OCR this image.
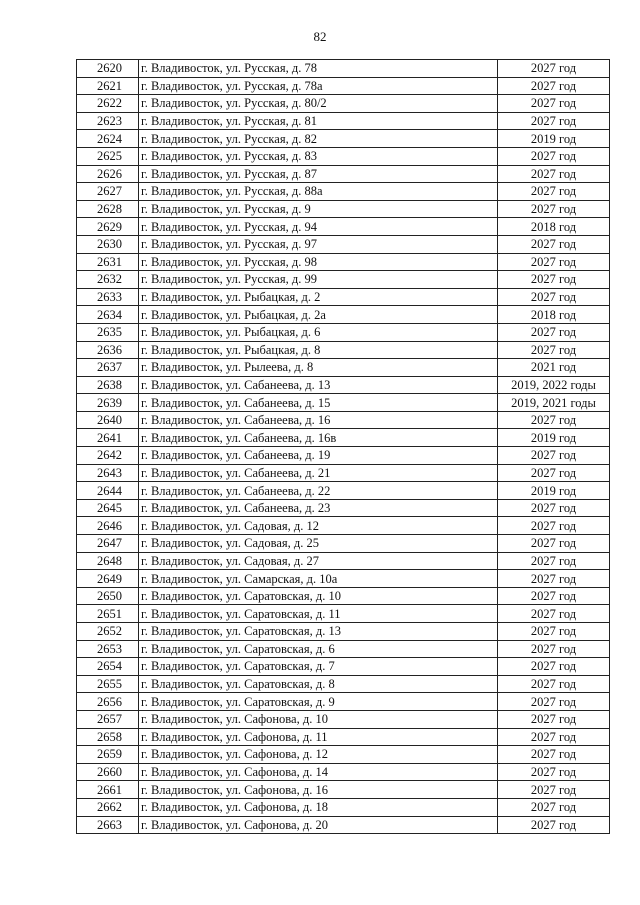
82
2620	г. Владивосток, ул. Русская, д. 78	2027 год
2621	г. Владивосток, ул. Русская, д. 78а	2027 год
2622	г. Владивосток, ул. Русская, д. 80/2	2027 год
2623	г. Владивосток, ул. Русская, д. 81	2027 год
2624	г. Владивосток, ул. Русская, д. 82	2019 год
2625	г. Владивосток, ул. Русская, д. 83	2027 год
2626	г. Владивосток, ул. Русская, д. 87	2027 год
2627	г. Владивосток, ул. Русская, д. 88а	2027 год
2628	г. Владивосток, ул. Русская, д. 9	2027 год
2629	г. Владивосток, ул. Русская, д. 94	2018 год
2630	г. Владивосток, ул. Русская, д. 97	2027 год
2631	г. Владивосток, ул. Русская, д. 98	2027 год
2632	г. Владивосток, ул. Русская, д. 99	2027 год
2633	г. Владивосток, ул. Рыбацкая, д. 2	2027 год
2634	г. Владивосток, ул. Рыбацкая, д. 2а	2018 год
2635	г. Владивосток, ул. Рыбацкая, д. 6	2027 год
2636	г. Владивосток, ул. Рыбацкая, д. 8	2027 год
2637	г. Владивосток, ул. Рылеева, д. 8	2021 год
2638	г. Владивосток, ул. Сабанеева, д. 13	2019, 2022 годы
2639	г. Владивосток, ул. Сабанеева, д. 15	2019, 2021 годы
2640	г. Владивосток, ул. Сабанеева, д. 16	2027 год
2641	г. Владивосток, ул. Сабанеева, д. 16в	2019 год
2642	г. Владивосток, ул. Сабанеева, д. 19	2027 год
2643	г. Владивосток, ул. Сабанеева, д. 21	2027 год
2644	г. Владивосток, ул. Сабанеева, д. 22	2019 год
2645	г. Владивосток, ул. Сабанеева, д. 23	2027 год
2646	г. Владивосток, ул. Садовая, д. 12	2027 год
2647	г. Владивосток, ул. Садовая, д. 25	2027 год
2648	г. Владивосток, ул. Садовая, д. 27	2027 год
2649	г. Владивосток, ул. Самарская, д. 10а	2027 год
2650	г. Владивосток, ул. Саратовская, д. 10	2027 год
2651	г. Владивосток, ул. Саратовская, д. 11	2027 год
2652	г. Владивосток, ул. Саратовская, д. 13	2027 год
2653	г. Владивосток, ул. Саратовская, д. 6	2027 год
2654	г. Владивосток, ул. Саратовская, д. 7	2027 год
2655	г. Владивосток, ул. Саратовская, д. 8	2027 год
2656	г. Владивосток, ул. Саратовская, д. 9	2027 год
2657	г. Владивосток, ул. Сафонова, д. 10	2027 год
2658	г. Владивосток, ул. Сафонова, д. 11	2027 год
2659	г. Владивосток, ул. Сафонова, д. 12	2027 год
2660	г. Владивосток, ул. Сафонова, д. 14	2027 год
2661	г. Владивосток, ул. Сафонова, д. 16	2027 год
2662	г. Владивосток, ул. Сафонова, д. 18	2027 год
2663	г. Владивосток, ул. Сафонова, д. 20	2027 год
